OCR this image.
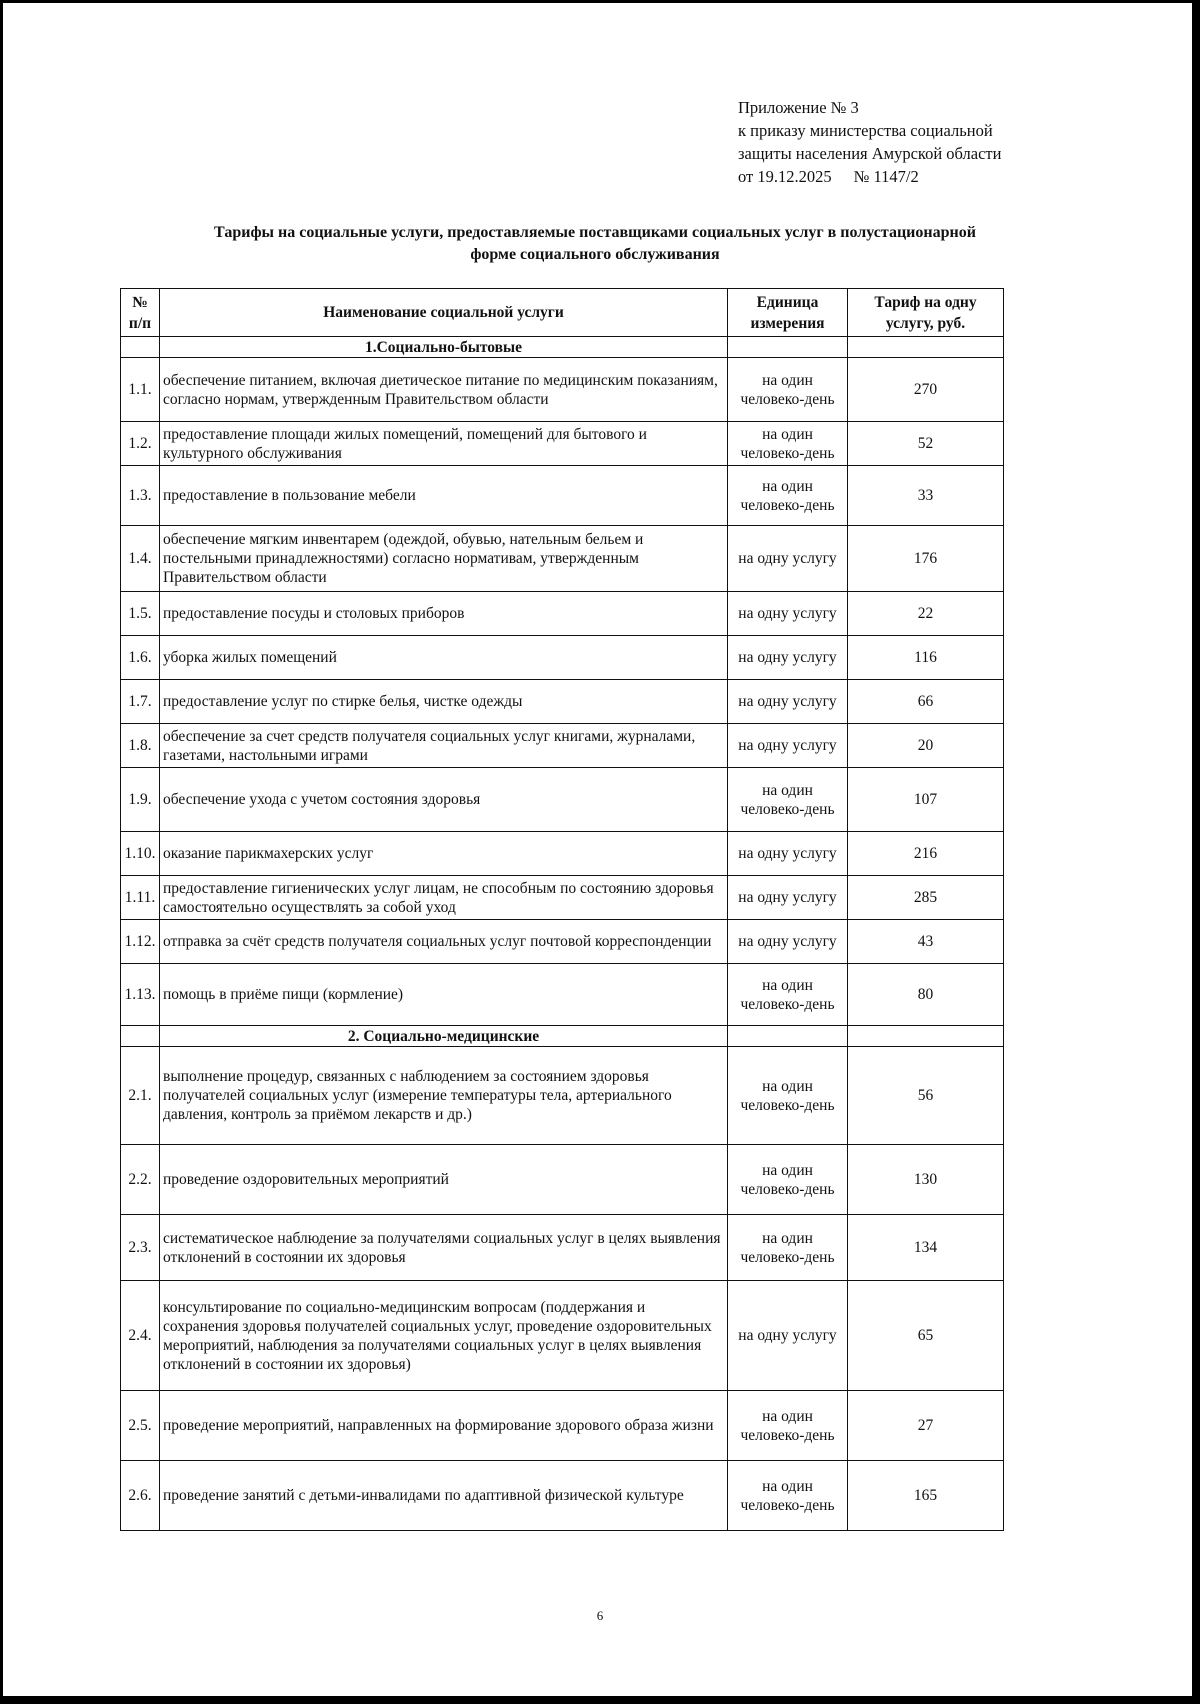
Приложение № 3
к приказу министерства социальной
защиты населения Амурской области
от 19.12.2025 № 1147/2
Тарифы на социальные услуги, предоставляемые поставщиками социальных услуг в полустационарной
форме социального обслуживания
№ п/п	Наименование социальной услуги	Единица измерения	Тариф на одну услугу, руб.
	1.Социально-бытовые		
1.1.	обеспечение питанием, включая диетическое питание по медицинским показаниям, согласно нормам, утвержденным Правительством области	на один человеко-день	270
1.2.	предоставление площади жилых помещений, помещений для бытового и культурного обслуживания	на один человеко-день	52
1.3.	предоставление в пользование мебели	на один человеко-день	33
1.4.	обеспечение мягким инвентарем (одеждой, обувью, нательным бельем и постельными принадлежностями) согласно нормативам, утвержденным Правительством области	на одну услугу	176
1.5.	предоставление посуды и столовых приборов	на одну услугу	22
1.6.	уборка жилых помещений	на одну услугу	116
1.7.	предоставление услуг по стирке белья, чистке одежды	на одну услугу	66
1.8.	обеспечение за счет средств получателя социальных услуг книгами, журналами, газетами, настольными играми	на одну услугу	20
1.9.	обеспечение ухода с учетом состояния здоровья	на один человеко-день	107
1.10.	оказание парикмахерских услуг	на одну услугу	216
1.11.	предоставление гигиенических услуг лицам, не способным по состоянию здоровья самостоятельно осуществлять за собой уход	на одну услугу	285
1.12.	отправка за счёт средств получателя социальных услуг почтовой корреспонденции	на одну услугу	43
1.13.	помощь в приёме пищи (кормление)	на один человеко-день	80
	2. Социально-медицинские		
2.1.	выполнение процедур, связанных с наблюдением за состоянием здоровья получателей социальных услуг (измерение температуры тела, артериального давления, контроль за приёмом лекарств и др.)	на один человеко-день	56
2.2.	проведение оздоровительных мероприятий	на один человеко-день	130
2.3.	систематическое наблюдение за получателями социальных услуг в целях выявления отклонений в состоянии их здоровья	на один человеко-день	134
2.4.	консультирование по социально-медицинским вопросам (поддержания и сохранения здоровья получателей социальных услуг, проведение оздоровительных мероприятий, наблюдения за получателями социальных услуг в целях выявления отклонений в состоянии их здоровья)	на одну услугу	65
2.5.	проведение мероприятий, направленных на формирование здорового образа жизни	на один человеко-день	27
2.6.	проведение занятий с детьми-инвалидами по адаптивной физической культуре	на один человеко-день	165
6
